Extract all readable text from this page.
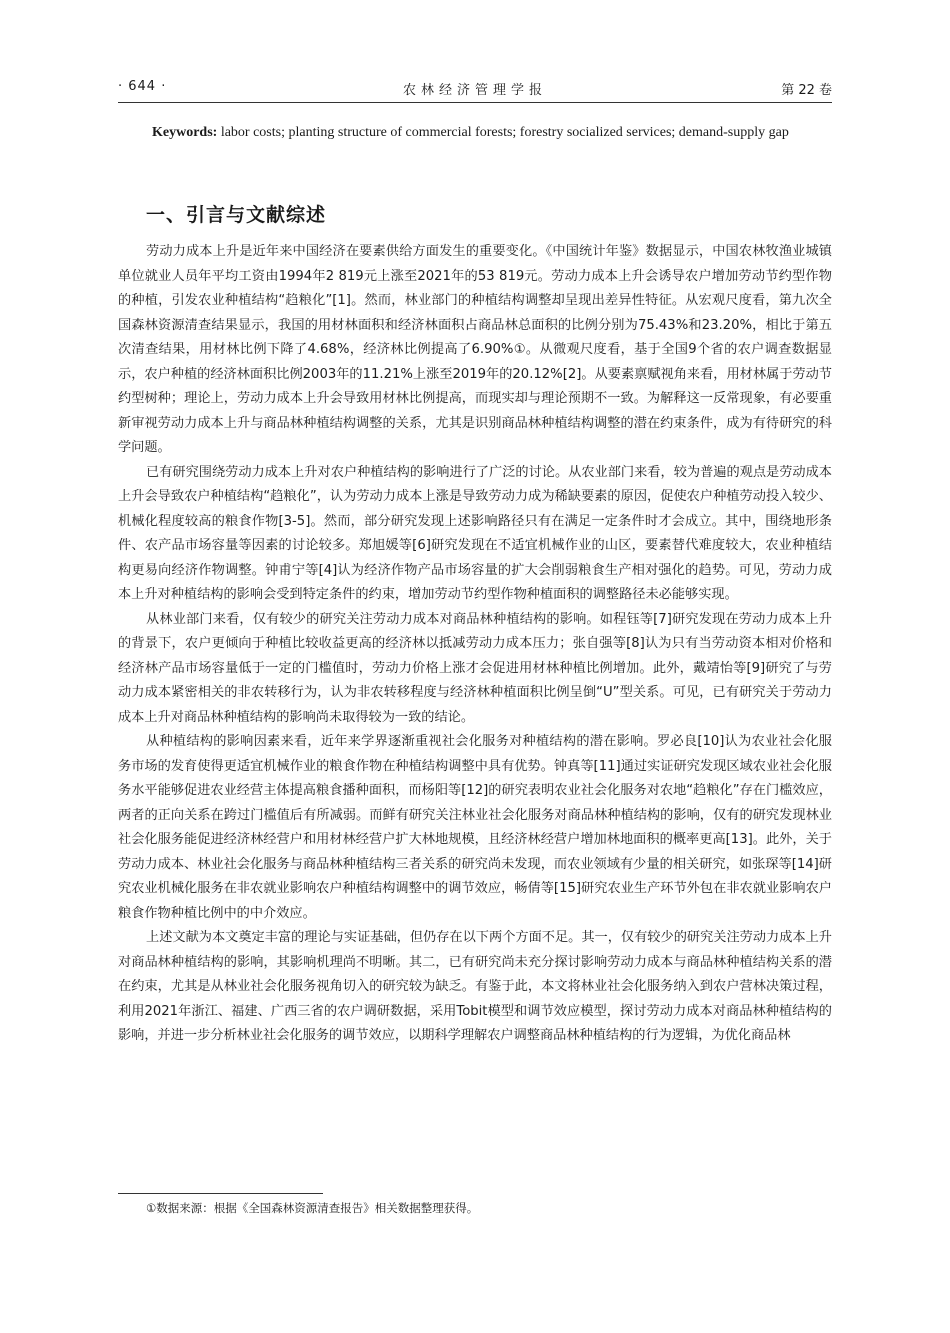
· 644 ·	农林经济管理学报	第 22 卷
Keywords: labor costs; planting structure of commercial forests; forestry socialized services; demand-supply gap
一、引言与文献综述

劳动力成本上升是近年来中国经济在要素供给方面发生的重要变化。《中国统计年鉴》数据显示，中国农林牧渔业城镇单位就业人员年平均工资由1994年2 819元上涨至2021年的53 819元。劳动力成本上升会诱导农户增加劳动节约型作物的种植，引发农业种植结构“趋粮化”[1]。然而，林业部门的种植结构调整却呈现出差异性特征。从宏观尺度看，第九次全国森林资源清查结果显示，我国的用材林面积和经济林面积占商品林总面积的比例分别为75.43%和23.20%，相比于第五次清查结果，用材林比例下降了4.68%，经济林比例提高了6.90%①。从微观尺度看，基于全国9个省的农户调查数据显示，农户种植的经济林面积比例2003年的11.21%上涨至2019年的20.12%[2]。从要素禀赋视角来看，用材林属于劳动节约型树种；理论上，劳动力成本上升会导致用材林比例提高，而现实却与理论预期不一致。为解释这一反常现象，有必要重新审视劳动力成本上升与商品林种植结构调整的关系，尤其是识别商品林种植结构调整的潜在约束条件，成为有待研究的科学问题。

已有研究围绕劳动力成本上升对农户种植结构的影响进行了广泛的讨论。从农业部门来看，较为普遍的观点是劳动成本上升会导致农户种植结构“趋粮化”，认为劳动力成本上涨是导致劳动力成为稀缺要素的原因，促使农户种植劳动投入较少、机械化程度较高的粮食作物[3-5]。然而，部分研究发现上述影响路径只有在满足一定条件时才会成立。其中，围绕地形条件、农产品市场容量等因素的讨论较多。郑旭媛等[6]研究发现在不适宜机械作业的山区，要素替代难度较大，农业种植结构更易向经济作物调整。钟甫宁等[4]认为经济作物产品市场容量的扩大会削弱粮食生产相对强化的趋势。可见，劳动力成本上升对种植结构的影响会受到特定条件的约束，增加劳动节约型作物种植面积的调整路径未必能够实现。

从林业部门来看，仅有较少的研究关注劳动力成本对商品林种植结构的影响。如程钰等[7]研究发现在劳动力成本上升的背景下，农户更倾向于种植比较收益更高的经济林以抵减劳动力成本压力；张自强等[8]认为只有当劳动资本相对价格和经济林产品市场容量低于一定的门槛值时，劳动力价格上涨才会促进用材林种植比例增加。此外，戴靖怡等[9]研究了与劳动力成本紧密相关的非农转移行为，认为非农转移程度与经济林种植面积比例呈倒“U”型关系。可见，已有研究关于劳动力成本上升对商品林种植结构的影响尚未取得较为一致的结论。

从种植结构的影响因素来看，近年来学界逐渐重视社会化服务对种植结构的潜在影响。罗必良[10]认为农业社会化服务市场的发育使得更适宜机械作业的粮食作物在种植结构调整中具有优势。钟真等[11]通过实证研究发现区域农业社会化服务水平能够促进农业经营主体提高粮食播种面积，而杨阳等[12]的研究表明农业社会化服务对农地“趋粮化”存在门槛效应，两者的正向关系在跨过门槛值后有所减弱。而鲜有研究关注林业社会化服务对商品林种植结构的影响，仅有的研究发现林业社会化服务能促进经济林经营户和用材林经营户扩大林地规模，且经济林经营户增加林地面积的概率更高[13]。此外，关于劳动力成本、林业社会化服务与商品林种植结构三者关系的研究尚未发现，而农业领域有少量的相关研究，如张琛等[14]研究农业机械化服务在非农就业影响农户种植结构调整中的调节效应，畅倩等[15]研究农业生产环节外包在非农就业影响农户粮食作物种植比例中的中介效应。

上述文献为本文奠定丰富的理论与实证基础，但仍存在以下两个方面不足。其一，仅有较少的研究关注劳动力成本上升对商品林种植结构的影响，其影响机理尚不明晰。其二，已有研究尚未充分探讨影响劳动力成本与商品林种植结构关系的潜在约束，尤其是从林业社会化服务视角切入的研究较为缺乏。有鉴于此，本文将林业社会化服务纳入到农户营林决策过程，利用2021年浙江、福建、广西三省的农户调研数据，采用Tobit模型和调节效应模型，探讨劳动力成本对商品林种植结构的影响，并进一步分析林业社会化服务的调节效应，以期科学理解农户调整商品林种植结构的行为逻辑，为优化商品林

①数据来源：根据《全国森林资源清查报告》相关数据整理获得。
